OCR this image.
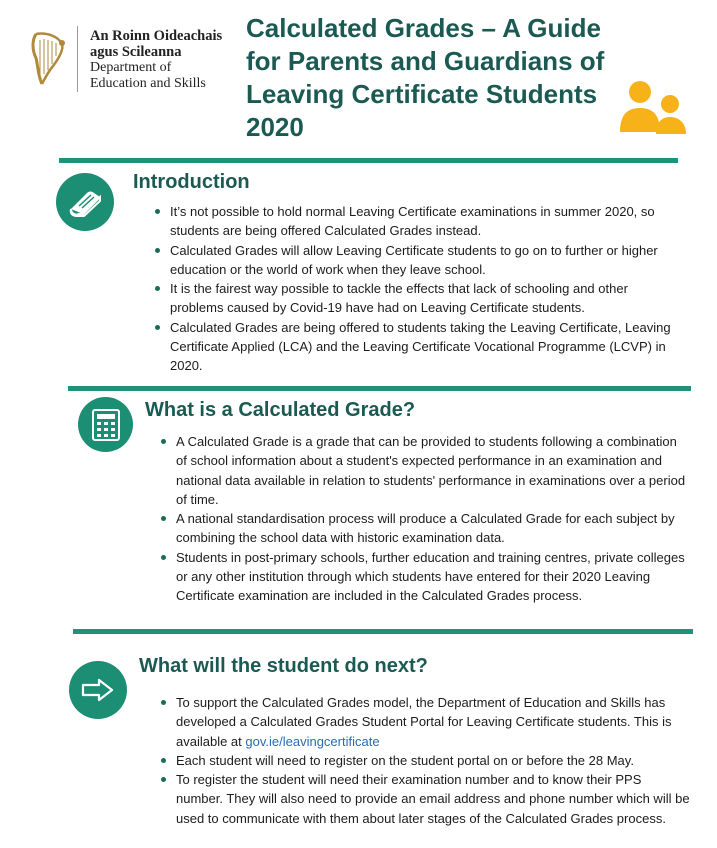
An Roinn Oideachais
agus Scileanna
Department of
Education and Skills
Calculated Grades – A Guide for Parents and Guardians of Leaving Certificate Students 2020
Introduction
It’s not possible to hold normal Leaving Certificate examinations in summer 2020, so students are being offered Calculated Grades instead.
Calculated Grades will allow Leaving Certificate students to go on to further or higher education or the world of work when they leave school.
It is the fairest way possible to tackle the effects that lack of schooling and other problems caused by Covid-19 have had on Leaving Certificate students.
Calculated Grades are being offered to students taking the Leaving Certificate, Leaving Certificate Applied (LCA) and the Leaving Certificate Vocational Programme (LCVP) in 2020.
What is a Calculated Grade?
A Calculated Grade is a grade that can be provided to students following a combination of school information about a student's expected performance in an examination and national data available in relation to students' performance in examinations over a period of time.
A national standardisation process will produce a Calculated Grade for each subject by combining the school data with historic examination data.
Students in post-primary schools, further education and training centres, private colleges or any other institution through which students have entered for their 2020 Leaving Certificate examination are included in the Calculated Grades process.
What will the student do next?
To support the Calculated Grades model, the Department of Education and Skills has developed a Calculated Grades Student Portal for Leaving Certificate students. This is available at gov.ie/leavingcertificate
Each student will need to register on the student portal on or before the 28 May.
To register the student will need their examination number and to know their PPS number. They will also need to provide an email address and phone number which will be used to communicate with them about later stages of the Calculated Grades process.
